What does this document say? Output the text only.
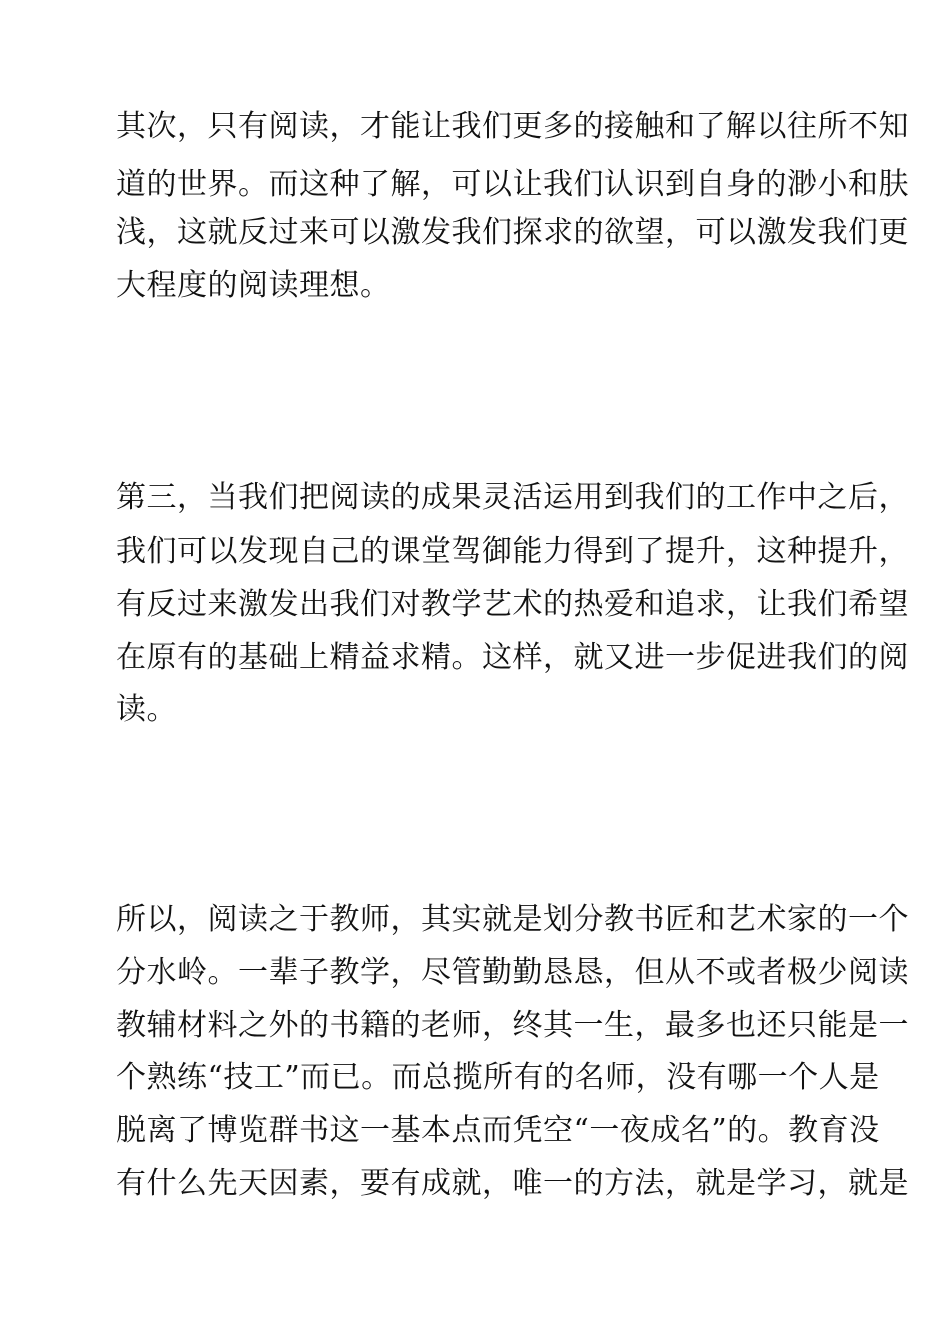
其次，只有阅读，才能让我们更多的接触和了解以往所不知
道的世界。而这种了解，可以让我们认识到自身的渺小和肤
浅，这就反过来可以激发我们探求的欲望，可以激发我们更
大程度的阅读理想。
第三，当我们把阅读的成果灵活运用到我们的工作中之后，
我们可以发现自己的课堂驾御能力得到了提升，这种提升，
有反过来激发出我们对教学艺术的热爱和追求，让我们希望
在原有的基础上精益求精。这样，就又进一步促进我们的阅
读。
所以，阅读之于教师，其实就是划分教书匠和艺术家的一个
分水岭。一辈子教学，尽管勤勤恳恳，但从不或者极少阅读
教辅材料之外的书籍的老师，终其一生，最多也还只能是一
个熟练“技工”而已。而总揽所有的名师，没有哪一个人是
脱离了博览群书这一基本点而凭空“一夜成名”的。教育没
有什么先天因素，要有成就，唯一的方法，就是学习，就是
